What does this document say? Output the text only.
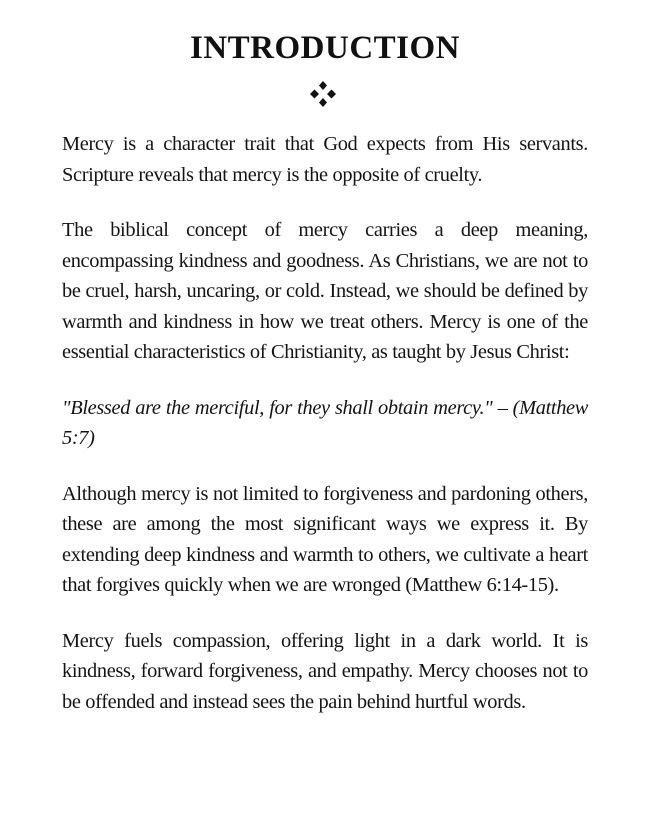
INTRODUCTION

Mercy is a character trait that God expects from His servants. Scripture reveals that mercy is the opposite of cruelty.

The biblical concept of mercy carries a deep meaning, encompassing kindness and goodness. As Christians, we are not to be cruel, harsh, uncaring, or cold. Instead, we should be defined by warmth and kindness in how we treat others. Mercy is one of the essential characteristics of Christianity, as taught by Jesus Christ:

"Blessed are the merciful, for they shall obtain mercy." – (Matthew 5:7)

Although mercy is not limited to forgiveness and pardoning others, these are among the most significant ways we express it. By extending deep kindness and warmth to others, we cultivate a heart that forgives quickly when we are wronged (Matthew 6:14-15).

Mercy fuels compassion, offering light in a dark world. It is kindness, forward forgiveness, and empathy. Mercy chooses not to be offended and instead sees the pain behind hurtful words.
